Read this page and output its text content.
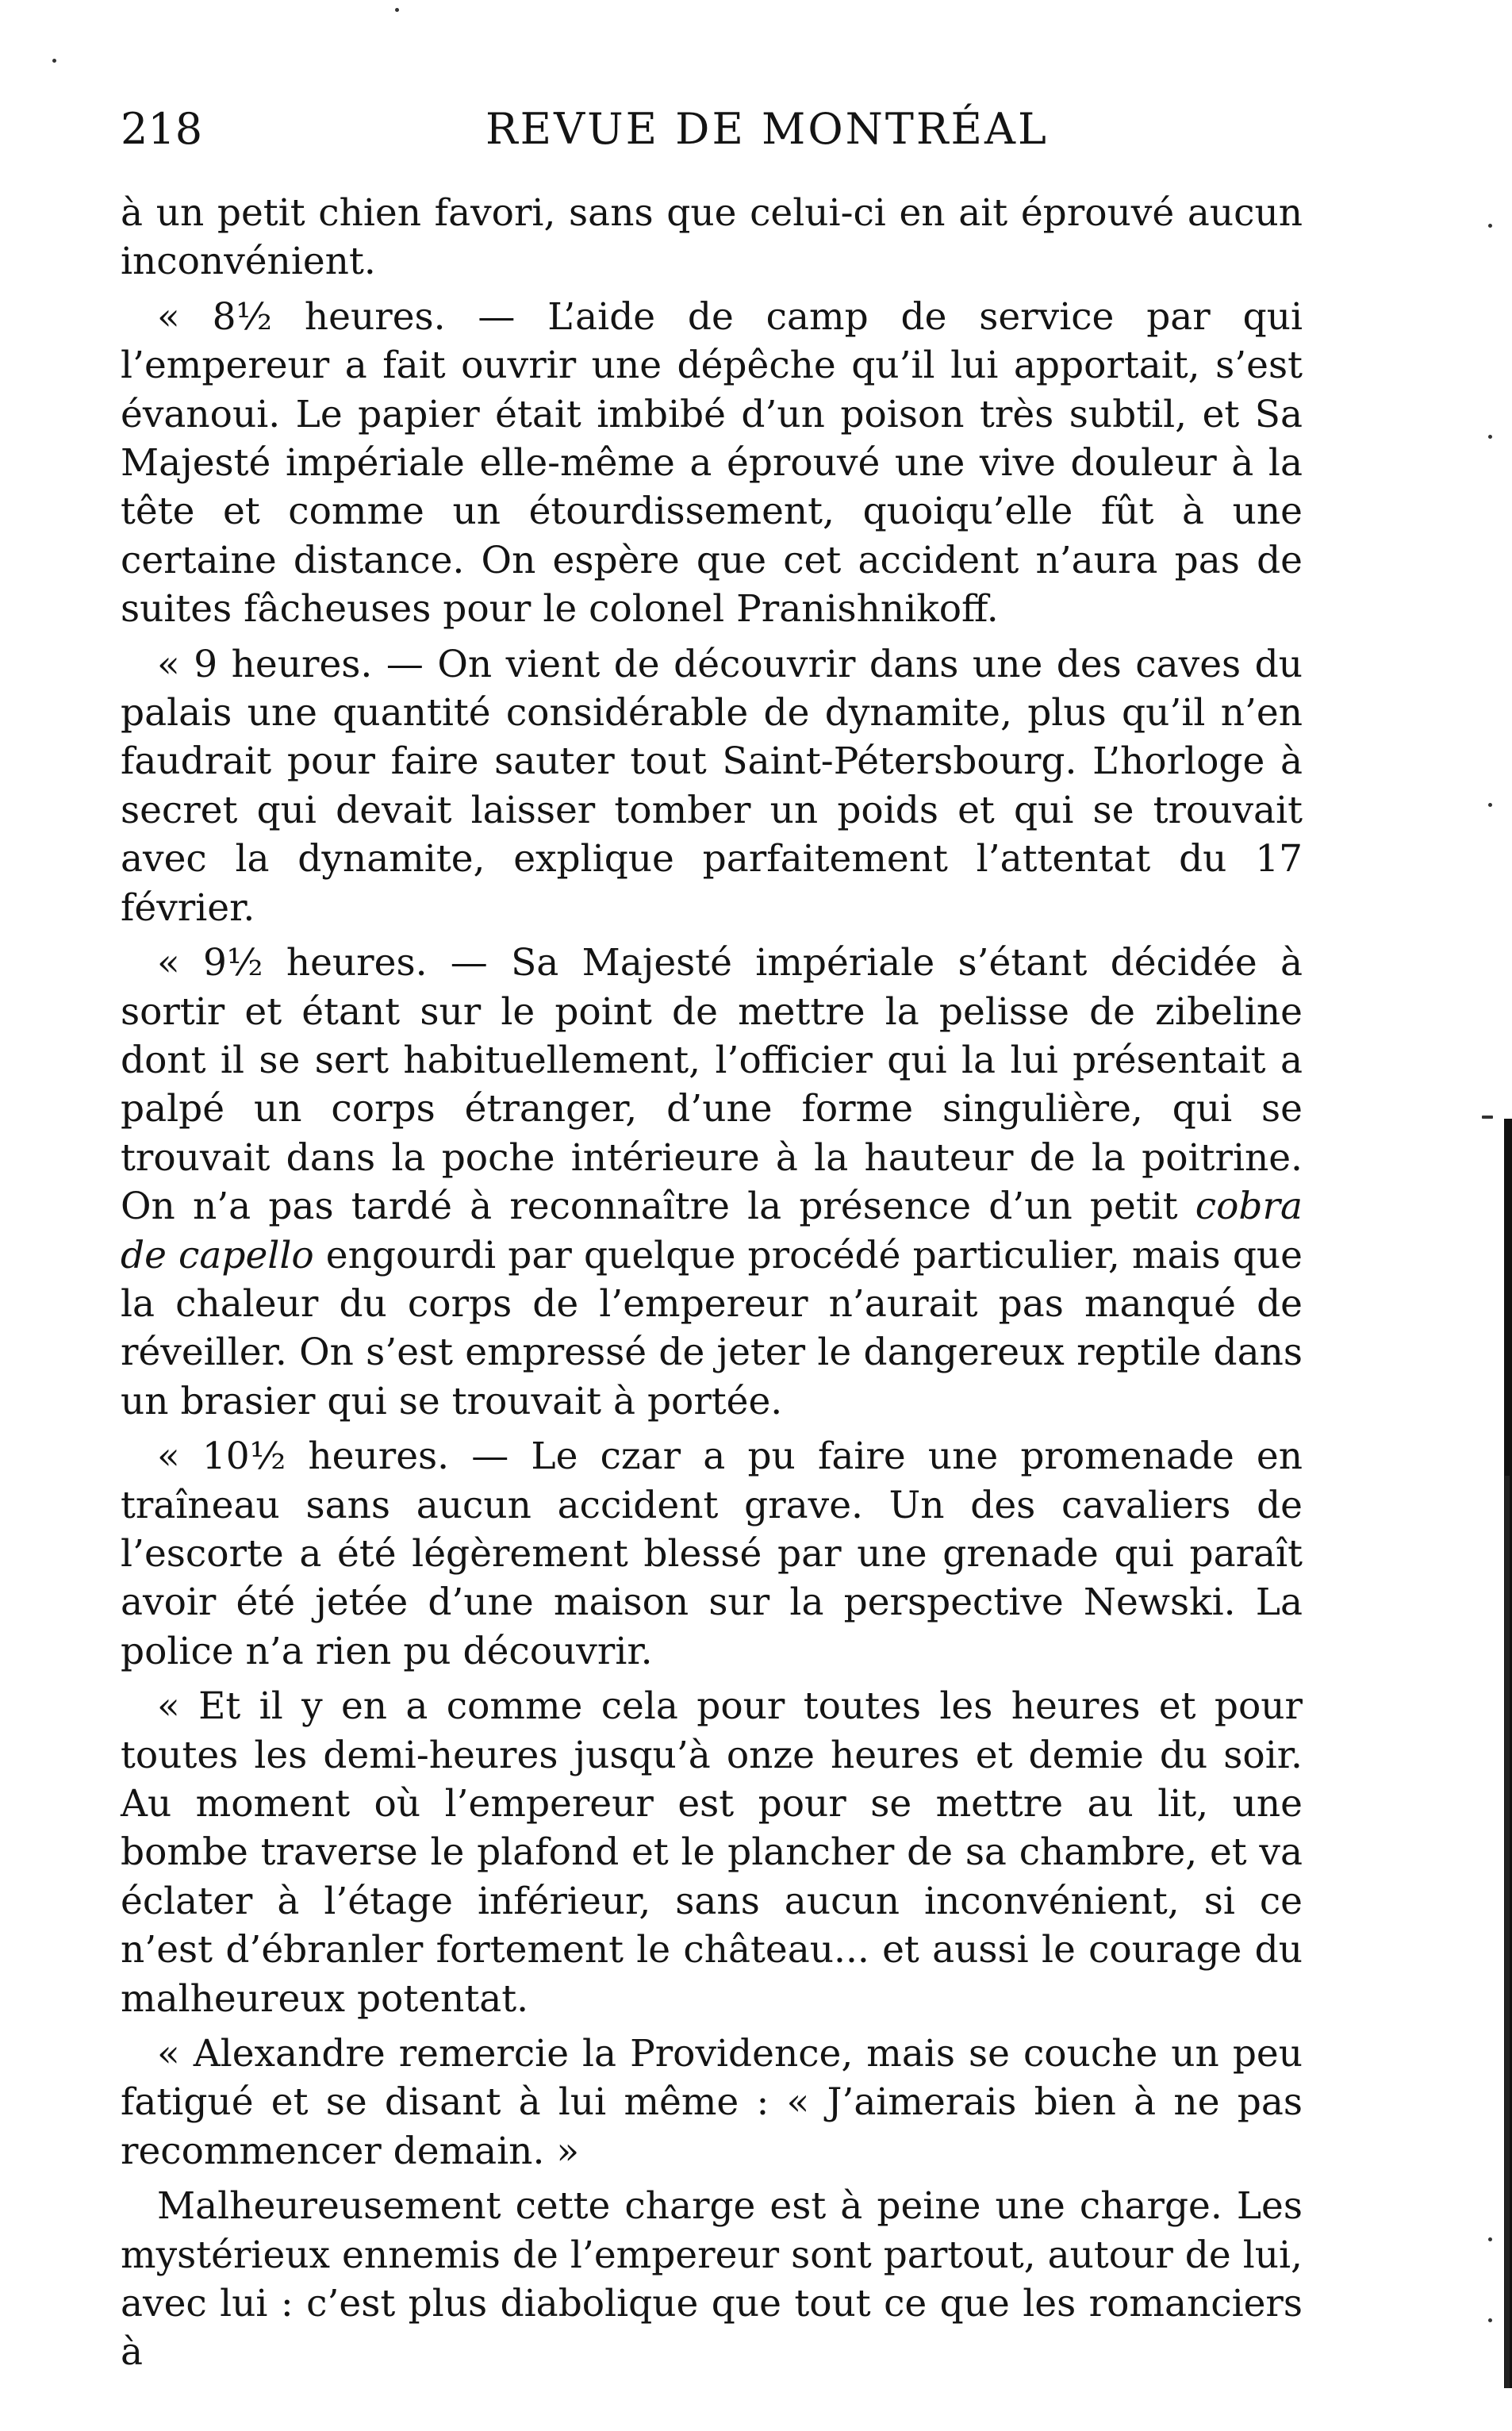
218	REVUE DE MONTRÉAL

à un petit chien favori, sans que celui-ci en ait éprouvé aucun inconvénient.

« 8½ heures. — L’aide de camp de service par qui l’empereur a fait ouvrir une dépêche qu’il lui apportait, s’est évanoui. Le papier était imbibé d’un poison très subtil, et Sa Majesté impériale elle-même a éprouvé une vive douleur à la tête et comme un étourdissement, quoiqu’elle fût à une certaine distance. On espère que cet accident n’aura pas de suites fâcheuses pour le colonel Pranishnikoff.

« 9 heures. — On vient de découvrir dans une des caves du palais une quantité considérable de dynamite, plus qu’il n’en faudrait pour faire sauter tout Saint-Pétersbourg. L’horloge à secret qui devait laisser tomber un poids et qui se trouvait avec la dynamite, explique parfaitement l’attentat du 17 février.

« 9½ heures. — Sa Majesté impériale s’étant décidée à sortir et étant sur le point de mettre la pelisse de zibeline dont il se sert habituellement, l’officier qui la lui présentait a palpé un corps étranger, d’une forme singulière, qui se trouvait dans la poche intérieure à la hauteur de la poitrine. On n’a pas tardé à reconnaître la présence d’un petit cobra de capello engourdi par quelque procédé particulier, mais que la chaleur du corps de l’empereur n’aurait pas manqué de réveiller. On s’est empressé de jeter le dangereux reptile dans un brasier qui se trouvait à portée.

« 10½ heures. — Le czar a pu faire une promenade en traîneau sans aucun accident grave. Un des cavaliers de l’escorte a été légèrement blessé par une grenade qui paraît avoir été jetée d’une maison sur la perspective Newski. La police n’a rien pu découvrir.

« Et il y en a comme cela pour toutes les heures et pour toutes les demi-heures jusqu’à onze heures et demie du soir. Au moment où l’empereur est pour se mettre au lit, une bombe traverse le plafond et le plancher de sa chambre, et va éclater à l’étage inférieur, sans aucun inconvénient, si ce n’est d’ébranler fortement le château... et aussi le courage du malheureux potentat.

« Alexandre remercie la Providence, mais se couche un peu fatigué et se disant à lui même : « J’aimerais bien à ne pas recommencer demain. »

Malheureusement cette charge est à peine une charge. Les mystérieux ennemis de l’empereur sont partout, autour de lui, avec lui : c’est plus diabolique que tout ce que les romanciers à
